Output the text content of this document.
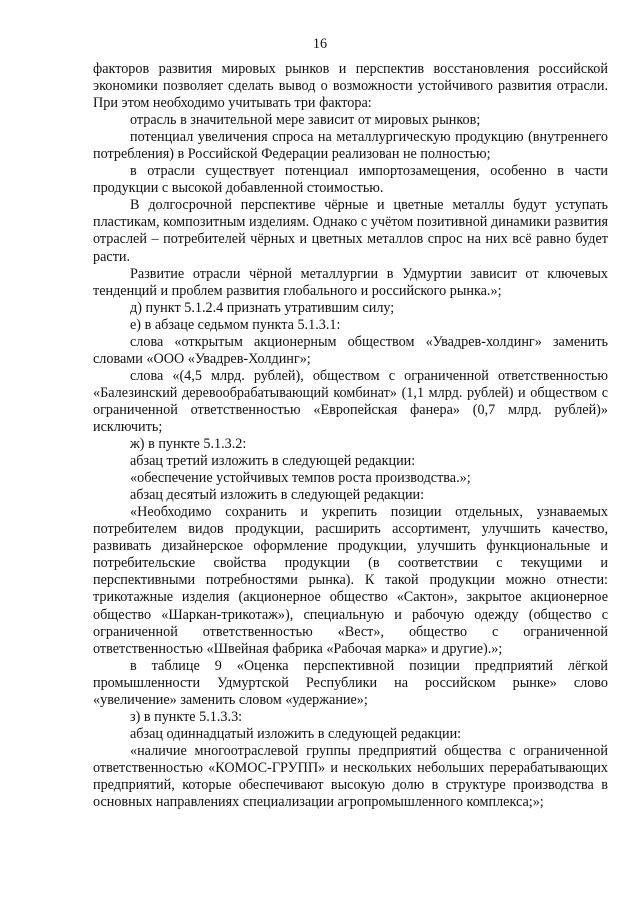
16

факторов развития мировых рынков и перспектив восстановления российской экономики позволяет сделать вывод о возможности устойчивого развития отрасли. При этом необходимо учитывать три фактора:

отрасль в значительной мере зависит от мировых рынков;

потенциал увеличения спроса на металлургическую продукцию (внутреннего потребления) в Российской Федерации реализован не полностью;

в отрасли существует потенциал импортозамещения, особенно в части продукции с высокой добавленной стоимостью.

В долгосрочной перспективе чёрные и цветные металлы будут уступать пластикам, композитным изделиям. Однако с учётом позитивной динамики развития отраслей – потребителей чёрных и цветных металлов спрос на них всё равно будет расти.

Развитие отрасли чёрной металлургии в Удмуртии зависит от ключевых тенденций и проблем развития глобального и российского рынка.»;

д) пункт 5.1.2.4 признать утратившим силу;

е) в абзаце седьмом пункта 5.1.3.1:

слова «открытым акционерным обществом «Увадрев-холдинг» заменить словами «ООО «Увадрев-Холдинг»;

слова «(4,5 млрд. рублей), обществом с ограниченной ответственностью «Балезинский деревообрабатывающий комбинат» (1,1 млрд. рублей) и обществом с ограниченной ответственностью «Европейская фанера» (0,7 млрд. рублей)» исключить;

ж) в пункте 5.1.3.2:

абзац третий изложить в следующей редакции:

«обеспечение устойчивых темпов роста производства.»;

абзац десятый изложить в следующей редакции:

«Необходимо сохранить и укрепить позиции отдельных, узнаваемых потребителем видов продукции, расширить ассортимент, улучшить качество, развивать дизайнерское оформление продукции, улучшить функциональные и потребительские свойства продукции (в соответствии с текущими и перспективными потребностями рынка). К такой продукции можно отнести: трикотажные изделия (акционерное общество «Сактон», закрытое акционерное общество «Шаркан-трикотаж»), специальную и рабочую одежду (общество с ограниченной ответственностью «Вест», общество с ограниченной ответственностью «Швейная фабрика «Рабочая марка» и другие).»;

в таблице 9 «Оценка перспективной позиции предприятий лёгкой промышленности Удмуртской Республики на российском рынке» слово «увеличение» заменить словом «удержание»;

з) в пункте 5.1.3.3:

абзац одиннадцатый изложить в следующей редакции:

«наличие многоотраслевой группы предприятий общества с ограниченной ответственностью «КОМОС-ГРУПП» и нескольких небольших перерабатывающих предприятий, которые обеспечивают высокую долю в структуре производства в основных направлениях специализации агропромышленного комплекса;»;
